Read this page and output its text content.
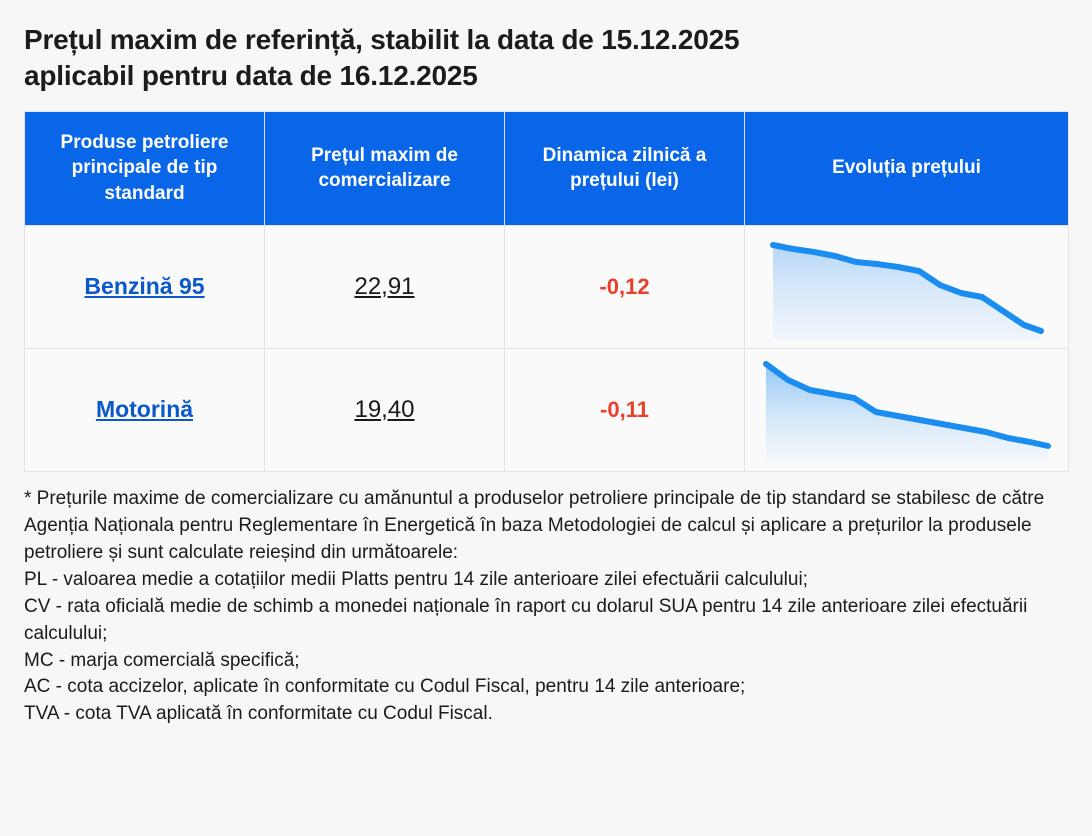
Prețul maxim de referință, stabilit la data de 15.12.2025
aplicabil pentru data de 16.12.2025
Produse petroliere principale de tip standard	Prețul maxim de comercializare	Dinamica zilnică a prețului (lei)	Evoluția prețului
Benzină 95	22,91	-0,12	

Motorină	19,40	-0,11	

* Prețurile maxime de comercializare cu amănuntul a produselor petroliere principale de tip standard se stabilesc de către Agenția Naționala pentru Reglementare în Energetică în baza Metodologiei de calcul și aplicare a prețurilor la produsele petroliere și sunt calculate reieșind din următoarele:

PL - valoarea medie a cotațiilor medii Platts pentru 14 zile anterioare zilei efectuării calculului;

CV - rata oficială medie de schimb a monedei naționale în raport cu dolarul SUA pentru 14 zile anterioare zilei efectuării calculului;

MC - marja comercială specifică;

AC - cota accizelor, aplicate în conformitate cu Codul Fiscal, pentru 14 zile anterioare;

TVA - cota TVA aplicată în conformitate cu Codul Fiscal.
